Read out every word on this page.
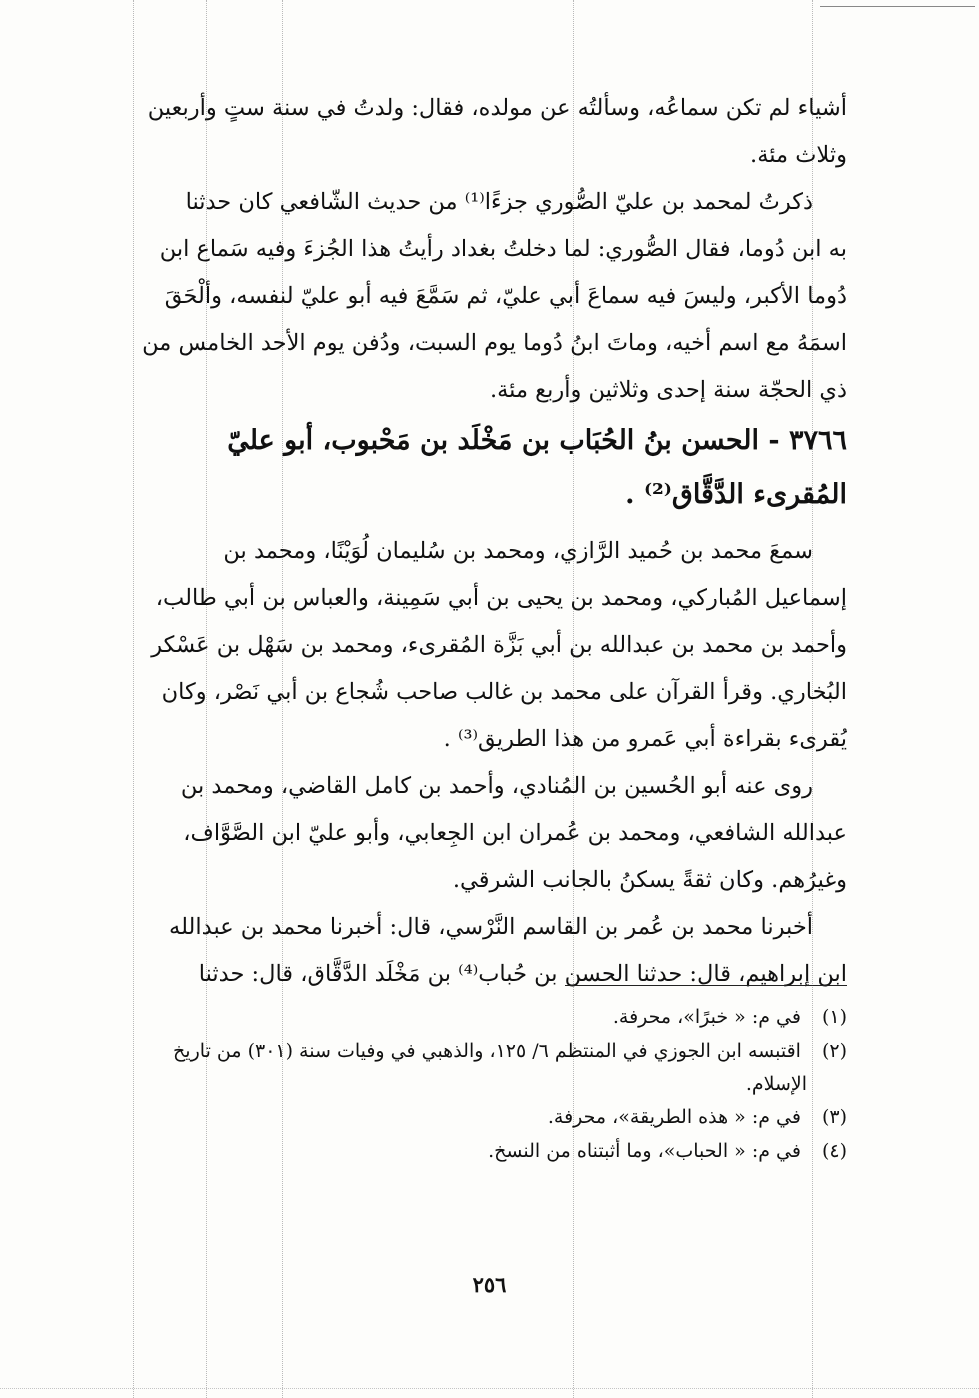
أشياء لم تكن سماعُه، وسألتُه عن مولده، فقال: ولدتُ في سنة ستٍ وأربعين
وثلاث مئة.
ذكرتُ لمحمد بن عليّ الصُّوري جزءًا⁽¹⁾ من حديث الشّافعي كان حدثنا
به ابن دُوما، فقال الصُّوري: لما دخلتُ بغداد رأيتُ هذا الجُزءَ وفيه سَماع ابن
دُوما الأكبر، وليسَ فيه سماعَ أبي عليّ، ثم سَمَّعَ فيه أبو عليّ لنفسه، وألْحَقَ
اسمَهُ مع اسم أخيه، وماتَ ابنُ دُوما يوم السبت، ودُفن يوم الأحد الخامس من
ذي الحجّة سنة إحدى وثلاثين وأربع مئة.
٣٧٦٦ - الحسن بنُ الحُبَاب بن مَخْلَد بن مَحْبوب، أبو عليّ
المُقرىء الدَّقَّاق⁽²⁾ .
سمعَ محمد بن حُميد الرَّازي، ومحمد بن سُليمان لُوَيْنًا، ومحمد بن
إسماعيل المُباركي، ومحمد بن يحيى بن أبي سَمِينة، والعباس بن أبي طالب،
وأحمد بن محمد بن عبدالله بن أبي بَزَّة المُقرىء، ومحمد بن سَهْل بن عَسْكر
البُخاري. وقرأ القرآن على محمد بن غالب صاحب شُجاع بن أبي نَصْر، وكان
يُقرىء بقراءة أبي عَمرو من هذا الطريق⁽³⁾ .
روى عنه أبو الحُسين بن المُنادي، وأحمد بن كامل القاضي، ومحمد بن
عبدالله الشافعي، ومحمد بن عُمران ابن الجِعابي، وأبو عليّ ابن الصَّوَّاف،
وغيرُهم. وكان ثقةً يسكنُ بالجانب الشرقي.
أخبرنا محمد بن عُمر بن القاسم النَّرْسي، قال: أخبرنا محمد بن عبدالله
ابن إبراهيم، قال: حدثنا الحسن بن حُباب⁽⁴⁾ بن مَخْلَد الدَّقَّاق، قال: حدثنا
(١) في م: « خبرًا»، محرفة.
(٢) اقتبسه ابن الجوزي في المنتظم ٦/ ١٢٥، والذهبي في وفيات سنة (٣٠١) من تاريخ
الإسلام.
(٣) في م: « هذه الطريقة»، محرفة.
(٤) في م: « الحباب»، وما أثبتناه من النسخ.
٢٥٦
